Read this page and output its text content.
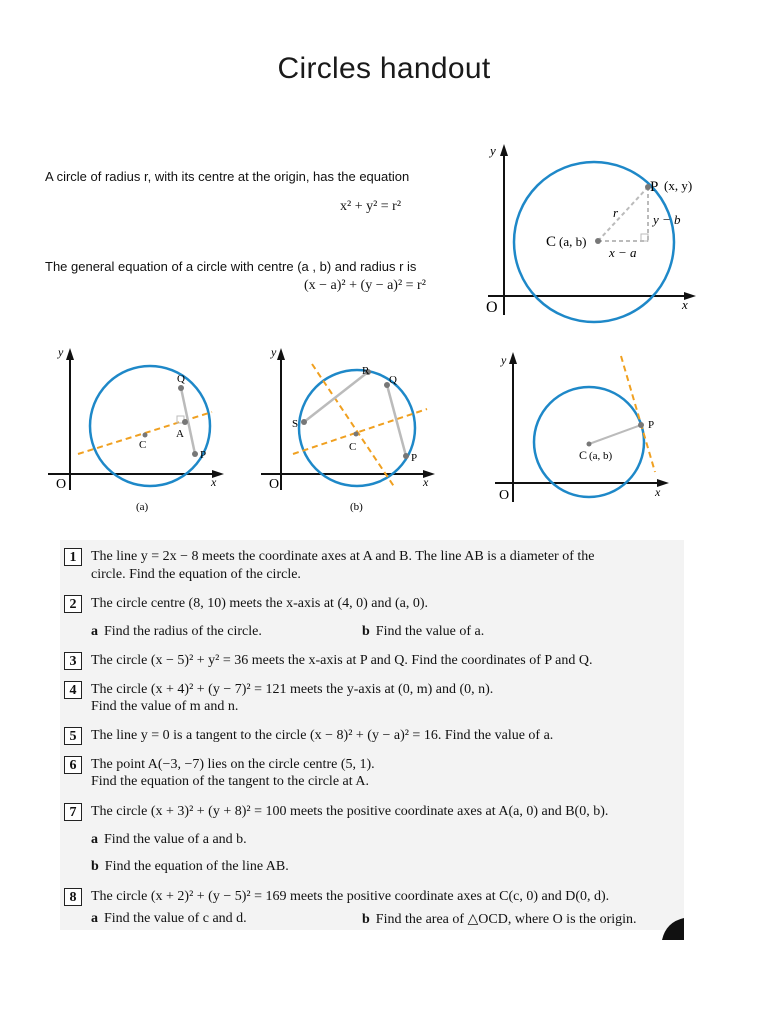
Circles handout
A circle of radius r, with its centre at the origin, has the equation
x² + y² = r²
The general equation of a circle with centre (a , b) and radius r is
(x − a)² + (y − a)² = r²
y
x
O
P (x, y)
C (a, b)
r	y − b
x − a
y
x
O
Q
A
C
P
(a)
y
x
O
R
Q
S
C
P
(b)
y
x
O
P
C (a, b)
1	The line y = 2x − 8 meets the coordinate axes at A and B. The line AB is a diameter of the
circle. Find the equation of the circle.
2	The circle centre (8, 10) meets the x-axis at (4, 0) and (a, 0).
a Find the radius of the circle.	b Find the value of a.
3	The circle (x − 5)² + y² = 36 meets the x-axis at P and Q. Find the coordinates of P and Q.
4	The circle (x + 4)² + (y − 7)² = 121 meets the y-axis at (0, m) and (0, n).
Find the value of m and n.
5	The line y = 0 is a tangent to the circle (x − 8)² + (y − a)² = 16. Find the value of a.
6	The point A(−3, −7) lies on the circle centre (5, 1).
Find the equation of the tangent to the circle at A.
7	The circle (x + 3)² + (y + 8)² = 100 meets the positive coordinate axes at A(a, 0) and B(0, b).
a Find the value of a and b.
b Find the equation of the line AB.
8	The circle (x + 2)² + (y − 5)² = 169 meets the positive coordinate axes at C(c, 0) and D(0, d).
a Find the value of c and d.	b Find the area of △OCD, where O is the origin.
